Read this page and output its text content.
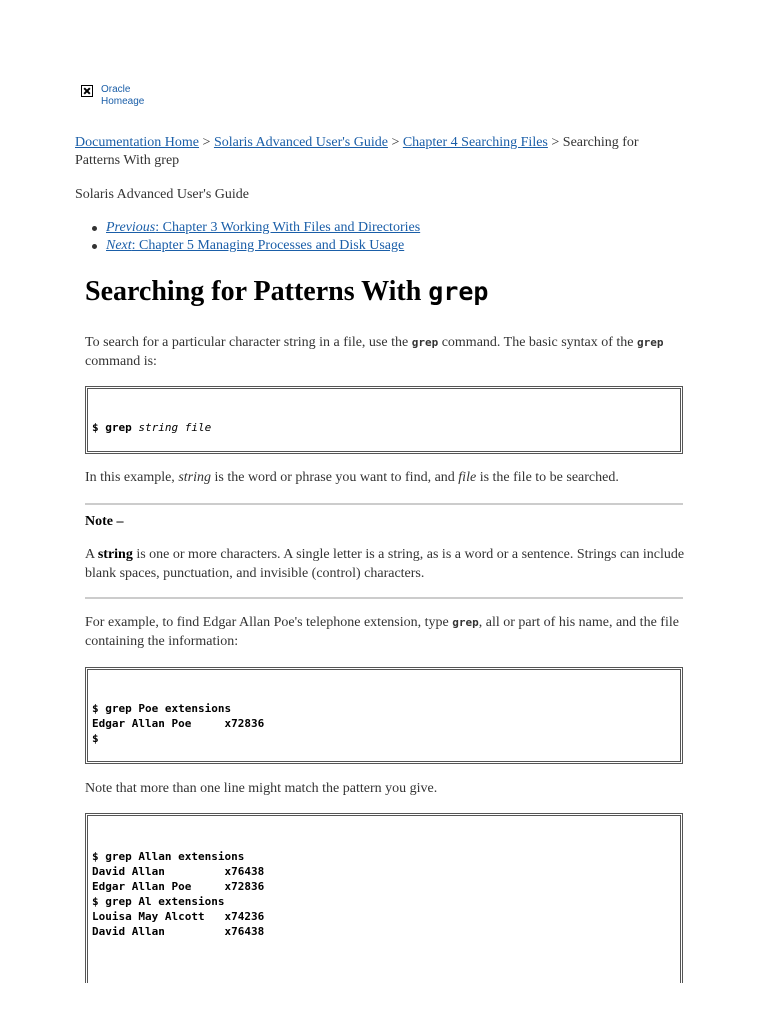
Oracle
Homeage
Documentation Home > Solaris Advanced User's Guide > Chapter 4 Searching Files > Searching for Patterns With grep
Solaris Advanced User's Guide
Previous: Chapter 3 Working With Files and Directories
Next: Chapter 5 Managing Processes and Disk Usage
Searching for Patterns With grep
To search for a particular character string in a file, use the grep command. The basic syntax of the grep command is:
$ grep string file
In this example, string is the word or phrase you want to find, and file is the file to be searched.
Note –
A string is one or more characters. A single letter is a string, as is a word or a sentence. Strings can include blank spaces, punctuation, and invisible (control) characters.
For example, to find Edgar Allan Poe's telephone extension, type grep, all or part of his name, and the file containing the information:
$ grep Poe extensions
Edgar Allan Poe     x72836
$
Note that more than one line might match the pattern you give.
$ grep Allan extensions
David Allan         x76438
Edgar Allan Poe     x72836
$ grep Al extensions
Louisa May Alcott   x74236
David Allan         x76438
